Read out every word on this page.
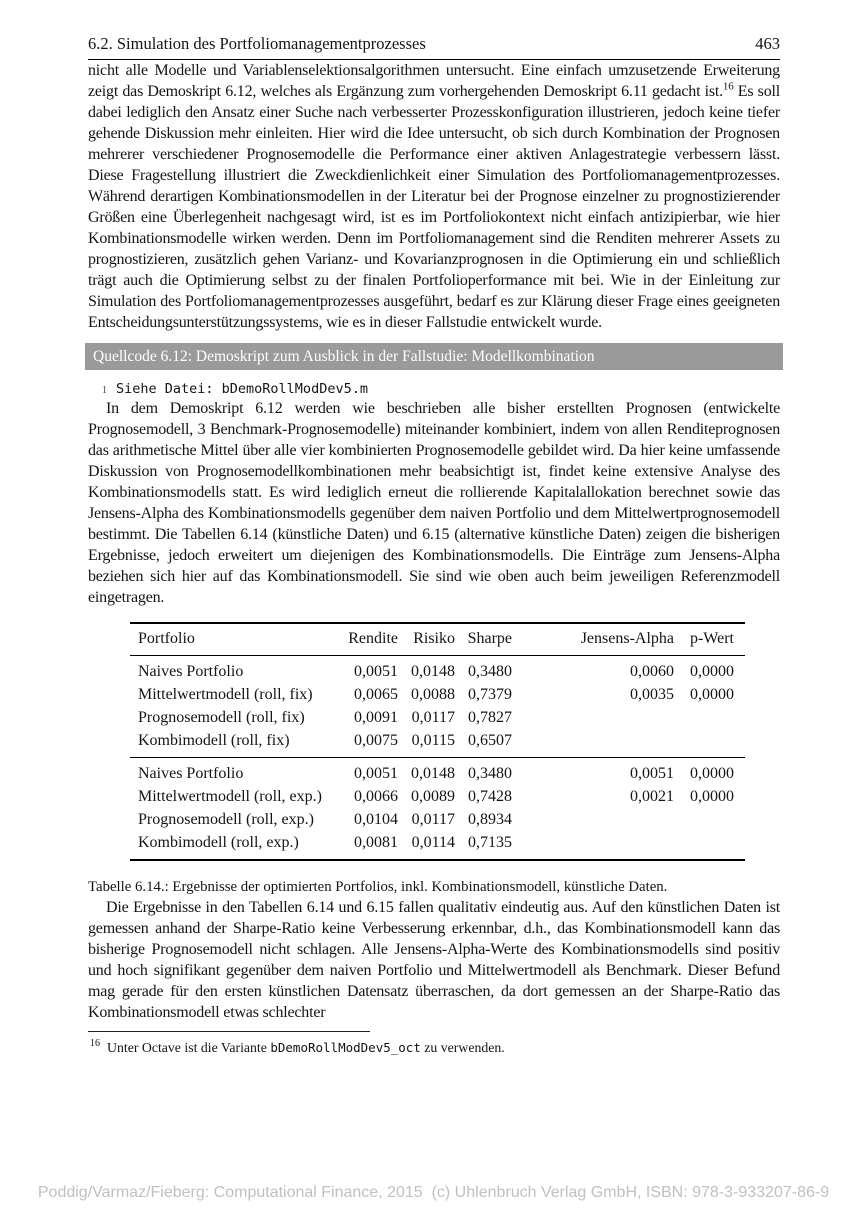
6.2. Simulation des Portfoliomanagementprozesses	463

nicht alle Modelle und Variablenselektionsalgorithmen untersucht. Eine einfach umzusetzende Erweiterung zeigt das Demoskript 6.12, welches als Ergänzung zum vorhergehenden Demoskript 6.11 gedacht ist.$^{16}$ Es soll dabei lediglich den Ansatz einer Suche nach verbesserter Prozesskonfiguration illustrieren, jedoch keine tiefer gehende Diskussion mehr einleiten. Hier wird die Idee untersucht, ob sich durch Kombination der Prognosen mehrerer verschiedener Prognosemodelle die Performance einer aktiven Anlagestrategie verbessern lässt. Diese Fragestellung illustriert die Zweckdienlichkeit einer Simulation des Portfoliomanagementprozesses. Während derartigen Kombinationsmodellen in der Literatur bei der Prognose einzelner zu prognostizierender Größen eine Überlegenheit nachgesagt wird, ist es im Portfoliokontext nicht einfach antizipierbar, wie hier Kombinationsmodelle wirken werden. Denn im Portfoliomanagement sind die Renditen mehrerer Assets zu prognostizieren, zusätzlich gehen Varianz- und Kovarianzprognosen in die Optimierung ein und schließlich trägt auch die Optimierung selbst zu der finalen Portfolioperformance mit bei. Wie in der Einleitung zur Simulation des Portfoliomanagementprozesses ausgeführt, bedarf es zur Klärung dieser Frage eines geeigneten Entscheidungsunterstützungssystems, wie es in dieser Fallstudie entwickelt wurde.

Quellcode 6.12: Demoskript zum Ausblick in der Fallstudie: Modellkombination
1 Siehe Datei: bDemoRollModDev5.m

In dem Demoskript 6.12 werden wie beschrieben alle bisher erstellten Prognosen (entwickelte Prognosemodell, 3 Benchmark-Prognosemodelle) miteinander kombiniert, indem von allen Renditeprognosen das arithmetische Mittel über alle vier kombinierten Prognosemodelle gebildet wird. Da hier keine umfassende Diskussion von Prognosemodellkombinationen mehr beabsichtigt ist, findet keine extensive Analyse des Kombinationsmodells statt. Es wird lediglich erneut die rollierende Kapitalallokation berechnet sowie das Jensens-Alpha des Kombinationsmodells gegenüber dem naiven Portfolio und dem Mittelwertprognosemodell bestimmt. Die Tabellen 6.14 (künstliche Daten) und 6.15 (alternative künstliche Daten) zeigen die bisherigen Ergebnisse, jedoch erweitert um diejenigen des Kombinationsmodells. Die Einträge zum Jensens-Alpha beziehen sich hier auf das Kombinationsmodell. Sie sind wie oben auch beim jeweiligen Referenzmodell eingetragen.

Portfolio	Rendite	Risiko	Sharpe	Jensens-Alpha	p-Wert
Naives Portfolio	0,0051	0,0148	0,3480	0,0060	0,0000
Mittelwertmodell (roll, fix)	0,0065	0,0088	0,7379	0,0035	0,0000
Prognosemodell (roll, fix)	0,0091	0,0117	0,7827		
Kombimodell (roll, fix)	0,0075	0,0115	0,6507		
Naives Portfolio	0,0051	0,0148	0,3480	0,0051	0,0000
Mittelwertmodell (roll, exp.)	0,0066	0,0089	0,7428	0,0021	0,0000
Prognosemodell (roll, exp.)	0,0104	0,0117	0,8934		
Kombimodell (roll, exp.)	0,0081	0,0114	0,7135		
Tabelle 6.14.: Ergebnisse der optimierten Portfolios, inkl. Kombinationsmodell, künstliche Daten.

Die Ergebnisse in den Tabellen 6.14 und 6.15 fallen qualitativ eindeutig aus. Auf den künstlichen Daten ist gemessen anhand der Sharpe-Ratio keine Verbesserung erkennbar, d.h., das Kombinationsmodell kann das bisherige Prognosemodell nicht schlagen. Alle Jensens-Alpha-Werte des Kombinationsmodells sind positiv und hoch signifikant gegenüber dem naiven Portfolio und Mittelwertmodell als Benchmark. Dieser Befund mag gerade für den ersten künstlichen Datensatz überraschen, da dort gemessen an der Sharpe-Ratio das Kombinationsmodell etwas schlechter

$^{16}$ Unter Octave ist die Variante bDemoRollModDev5_oct zu verwenden.
Poddig/Varmaz/Fieberg: Computational Finance, 2015  (c) Uhlenbruch Verlag GmbH, ISBN: 978-3-933207-86-9
